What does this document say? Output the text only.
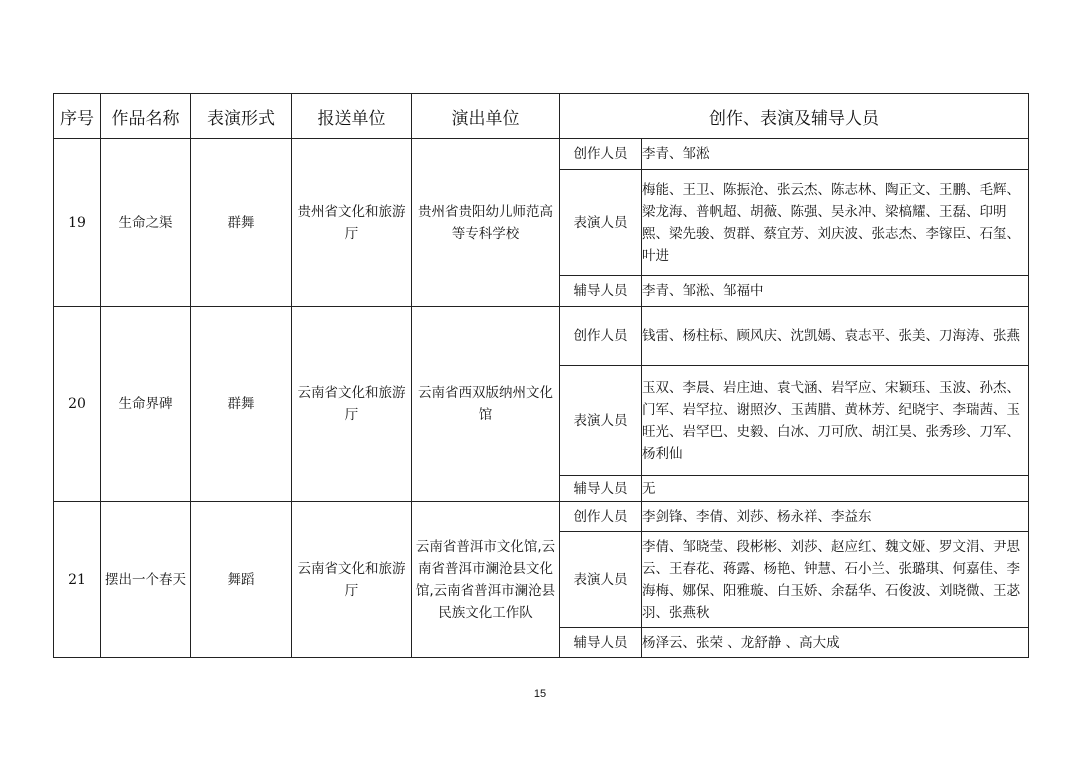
序号	作品名称	表演形式	报送单位	演出单位	创作、表演及辅导人员	
19	生命之渠	群舞	贵州省文化和旅游厅	贵州省贵阳幼儿师范高等专科学校	创作人员	李青、邹淞
					表演人员	梅能、王卫、陈振沧、张云杰、陈志林、陶正文、王鹏、毛辉、梁龙海、普帆超、胡薇、陈强、吴永冲、梁槁耀、王磊、印明熙、梁先骏、贺群、蔡宜芳、刘庆波、张志杰、李镓臣、石玺、叶进
					辅导人员	李青、邹淞、邹福中
20	生命界碑	群舞	云南省文化和旅游厅	云南省西双版纳州文化馆	创作人员	钱雷、杨柱标、顾风庆、沈凯嫣、袁志平、张美、刀海涛、张燕
					表演人员	玉双、李晨、岩庄迪、袁弋涵、岩罕应、宋颖珏、玉波、孙杰、门军、岩罕拉、谢照汐、玉茜腊、黄林芳、纪晓宇、李瑞茜、玉旺光、岩罕巴、史毅、白冰、刀可欣、胡江昊、张秀珍、刀军、杨利仙
					辅导人员	无
21	摆出一个春天	舞蹈	云南省文化和旅游厅	云南省普洱市文化馆,云南省普洱市澜沧县文化馆,云南省普洱市澜沧县民族文化工作队	创作人员	李剑锋、李倩、刘莎、杨永祥、李益东
					表演人员	李倩、邹晓莹、段彬彬、刘莎、赵应红、魏文娅、罗文涓、尹思云、王春花、蒋露、杨艳、钟慧、石小兰、张璐琪、何嘉佳、李海梅、娜保、阳雅璇、白玉娇、余磊华、石俊波、刘晓微、王苾羽、张燕秋
					辅导人员	杨泽云、张荣 、龙舒静 、高大成
15
